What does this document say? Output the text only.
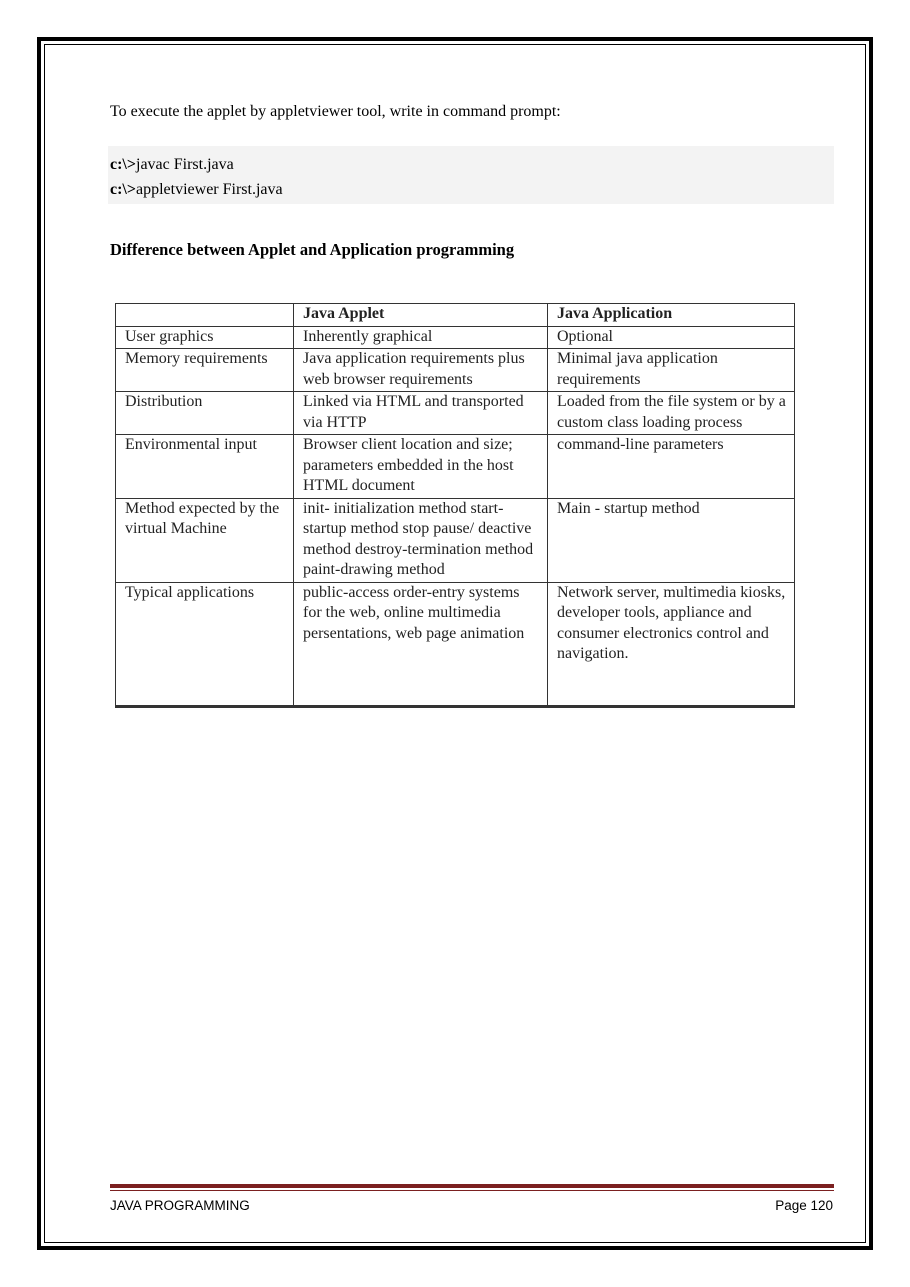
To execute the applet by appletviewer tool, write in command prompt:

c:\>javac First.java
c:\>appletviewer First.java

Difference between Applet and Application programming

	Java Applet	Java Application
User graphics	Inherently graphical	Optional
Memory requirements	Java application requirements plus web browser requirements	Minimal java application requirements
Distribution	Linked via HTML and transported via HTTP	Loaded from the file system or by a custom class loading process
Environmental input	Browser client location and size; parameters embedded in the host HTML document	command-line parameters
Method expected by the virtual Machine	init- initialization method start-startup method stop pause/ deactive method destroy-termination method paint-drawing method	Main - startup method
Typical applications	public-access order-entry systems for the web, online multimedia persentations, web page animation	Network server, multimedia kiosks, developer tools, appliance and consumer electronics control and navigation.
JAVA PROGRAMMING	Page 120
